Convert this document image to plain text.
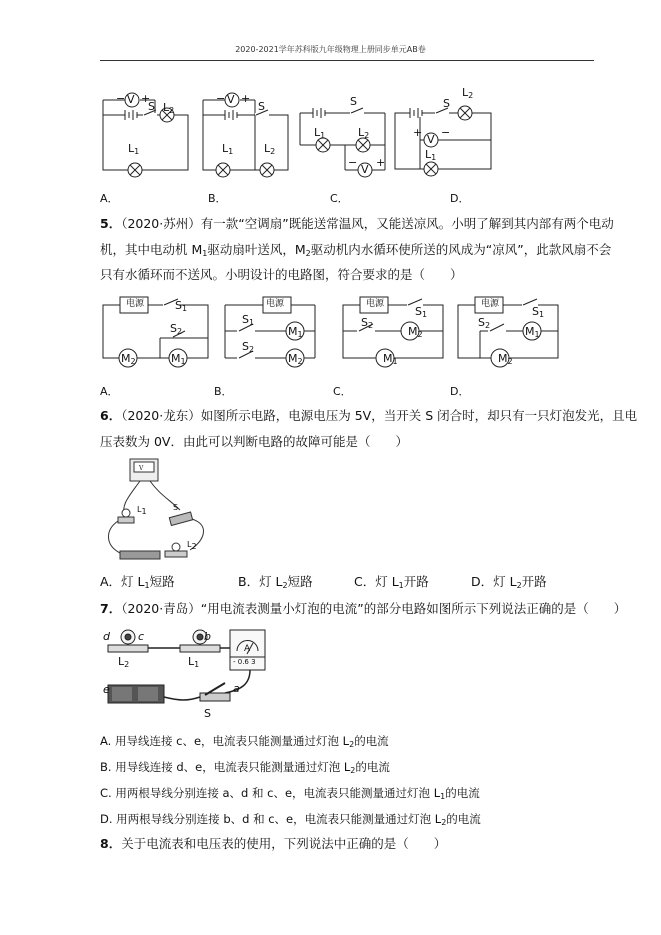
2020-2021学年苏科版九年级物理上册同步单元AB卷
V
− +
S $L_2$
$L_1$
V
− +
S
$L_1$	$L_2$
S
$L_1$	$L_2$
V
− +
S
$L_2$
V
+ −
$L_1$
A．	B．	C．	D．
5．（2020·苏州）有一款“空调扇”既能送常温风，又能送凉风。小明了解到其内部有两个电动
机，其中电动机 $M_1$驱动扇叶送风，$M_2$驱动机内水循环使所送的风成为“凉风”，此款风扇不会
只有水循环而不送风。小明设计的电路图，符合要求的是（　　）
电源	$S_1$
$S_2$
$M_2$	$M_1$
电源
$S_1$
$S_2$
$M_1$
$M_2$
电源
$S_1$
$S_2$	$M_2$
$M_1$
电源
$S_1$
$S_2$	$M_1$
$M_2$
A．	B．	C．	D．
6．（2020·龙东）如图所示电路，电源电压为 5V，当开关 S 闭合时，却只有一只灯泡发光，且电
压表数为 0V．由此可以判断电路的故障可能是（　　）
V
$L_1$	S
$L_2$
A．灯 $L_1$短路	B．灯 $L_2$短路	C．灯 $L_1$开路	D．灯 $L_2$开路
7．（2020·青岛）“用电流表测量小灯泡的电流”的部分电路如图所示下列说法正确的是（　　）
d	c	b
$L_2$	$L_1$
A
- 0.6 3
e	a
S
A. 用导线连接 c、e，电流表只能测量通过灯泡 $L_2$的电流
B. 用导线连接 d、e，电流表只能测量通过灯泡 $L_2$的电流
C. 用两根导线分别连接 a、d 和 c、e，电流表只能测量通过灯泡 $L_1$的电流
D. 用两根导线分别连接 b、d 和 c、e，电流表只能测量通过灯泡 $L_2$的电流
8．关于电流表和电压表的使用，下列说法中正确的是（　　）
